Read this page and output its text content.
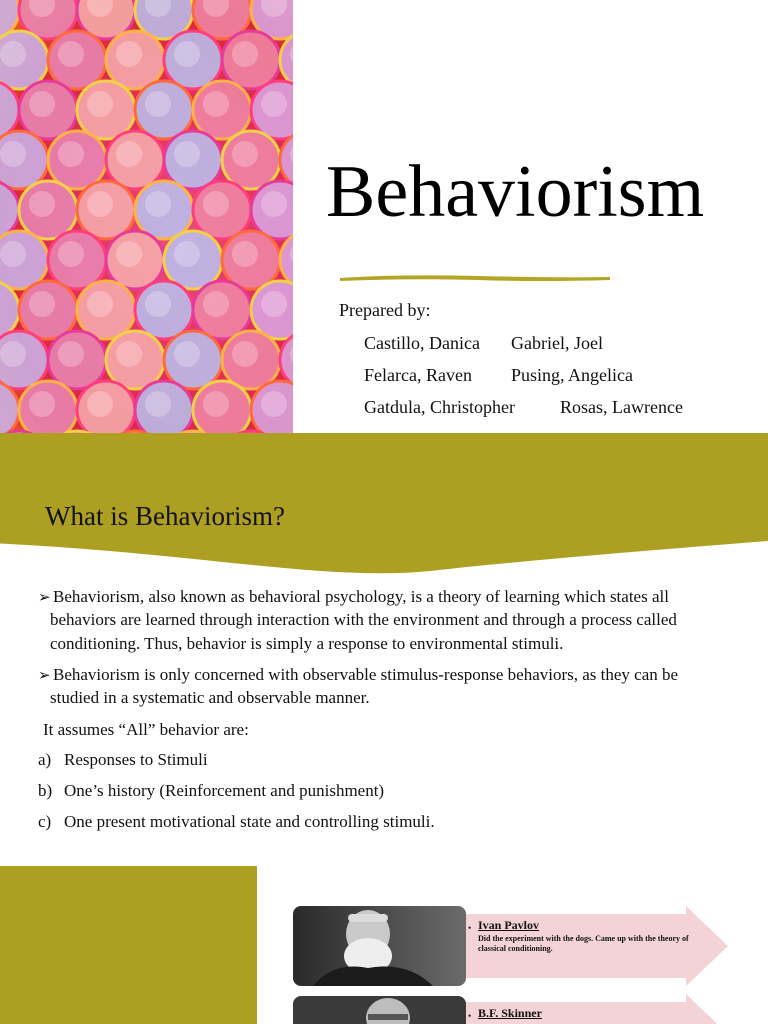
Behaviorism
Prepared by:
Castillo, Danica Gabriel, Joel
Felarca, Raven Pusing, Angelica
Gatdula, Christopher	Rosas, Lawrence
What is Behaviorism?
➢ Behaviorism, also known as behavioral psychology, is a theory of learning which states all
behaviors are learned through interaction with the environment and through a process called
conditioning. Thus, behavior is simply a response to environmental stimuli.
➢ Behaviorism is only concerned with observable stimulus-response behaviors, as they can be
studied in a systematic and observable manner.
It assumes “All” behavior are:
a) Responses to Stimuli
b) One’s history (Reinforcement and punishment)
c) One present motivational state and controlling stimuli.
• Ivan Pavlov
Did the experiment with the dogs. Came up with the theory of classical conditioning.
• B.F. Skinner
